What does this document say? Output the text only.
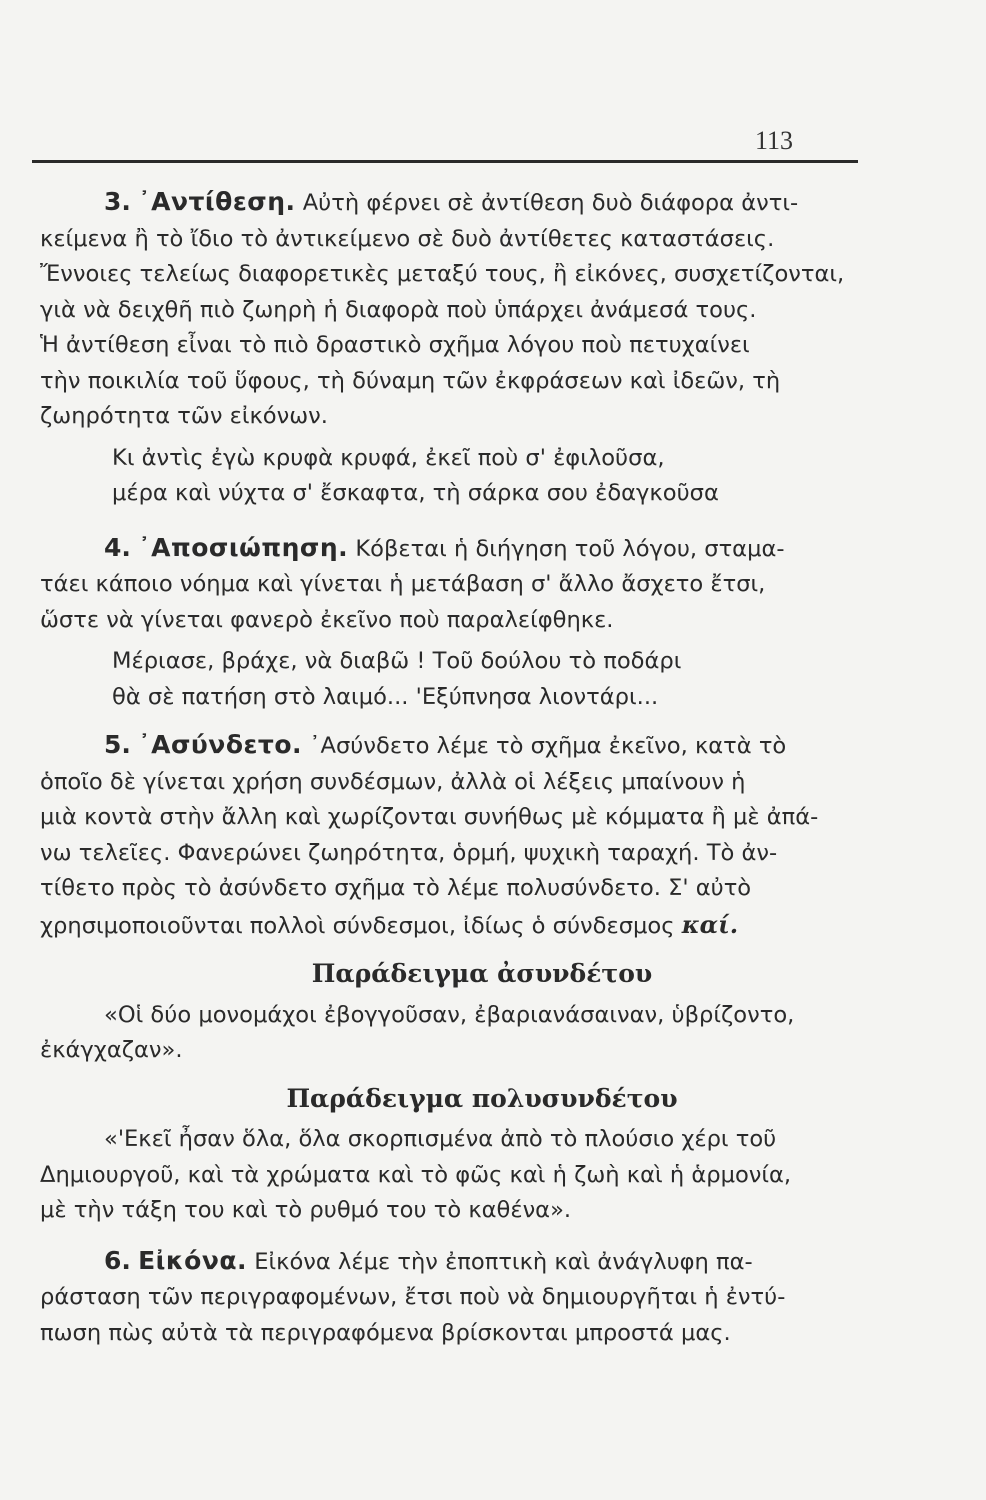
113

3. ᾿Αντίθεση. Αὐτὴ φέρνει σὲ ἀντίθεση δυὸ διάφορα ἀντι-

κείμενα ἢ τὸ ἴδιο τὸ ἀντικείμενο σὲ δυὸ ἀντίθετες καταστάσεις.

Ἔννοιες τελείως διαφορετικὲς μεταξύ τους, ἢ εἰκόνες, συσχετίζονται,

γιὰ νὰ δειχθῆ πιὸ ζωηρὴ ἡ διαφορὰ ποὺ ὑπάρχει ἀνάμεσά τους.

Ἡ ἀντίθεση εἶναι τὸ πιὸ δραστικὸ σχῆμα λόγου ποὺ πετυχαίνει

τὴν ποικιλία τοῦ ὕφους, τὴ δύναμη τῶν ἐκφράσεων καὶ ἰδεῶν, τὴ

ζωηρότητα τῶν εἰκόνων.

Κι ἀντὶς ἐγὼ κρυφὰ κρυφά, ἐκεῖ ποὺ σ' ἐφιλοῦσα,

μέρα καὶ νύχτα σ' ἔσκαφτα, τὴ σάρκα σου ἐδαγκοῦσα

4. ᾿Αποσιώπηση. Κόβεται ἡ διήγηση τοῦ λόγου, σταμα-

τάει κάποιο νόημα καὶ γίνεται ἡ μετάβαση σ' ἄλλο ἄσχετο ἔτσι,

ὥστε νὰ γίνεται φανερὸ ἐκεῖνο ποὺ παραλείφθηκε.

Μέριασε, βράχε, νὰ διαβῶ ! Τοῦ δούλου τὸ ποδάρι

θὰ σὲ πατήση στὸ λαιμό... 'Εξύπνησα λιοντάρι...

5. ᾿Ασύνδετο. ᾿Ασύνδετο λέμε τὸ σχῆμα ἐκεῖνο, κατὰ τὸ

ὁποῖο δὲ γίνεται χρήση συνδέσμων, ἀλλὰ οἱ λέξεις μπαίνουν ἡ

μιὰ κοντὰ στὴν ἄλλη καὶ χωρίζονται συνήθως μὲ κόμματα ἢ μὲ ἀπά-

νω τελεῖες. Φανερώνει ζωηρότητα, ὁρμή, ψυχικὴ ταραχή. Τὸ ἀν-

τίθετο πρὸς τὸ ἀσύνδετο σχῆμα τὸ λέμε πολυσύνδετο. Σ' αὐτὸ

χρησιμοποιοῦνται πολλοὶ σύνδεσμοι, ἰδίως ὁ σύνδεσμος καί.

Παράδειγμα ἀσυνδέτου

«Οἱ δύο μονομάχοι ἐβογγοῦσαν, ἐβαριανάσαιναν, ὑβρίζοντο,

ἐκάγχαζαν».

Παράδειγμα πολυσυνδέτου

«'Εκεῖ ἦσαν ὅλα, ὅλα σκορπισμένα ἀπὸ τὸ πλούσιο χέρι τοῦ

Δημιουργοῦ, καὶ τὰ χρώματα καὶ τὸ φῶς καὶ ἡ ζωὴ καὶ ἡ ἁρμονία,

μὲ τὴν τάξη του καὶ τὸ ρυθμό του τὸ καθένα».

6. Εἰκόνα. Εἰκόνα λέμε τὴν ἐποπτικὴ καὶ ἀνάγλυφη πα-

ράσταση τῶν περιγραφομένων, ἔτσι ποὺ νὰ δημιουργῆται ἡ ἐντύ-

πωση πὼς αὐτὰ τὰ περιγραφόμενα βρίσκονται μπροστά μας.
